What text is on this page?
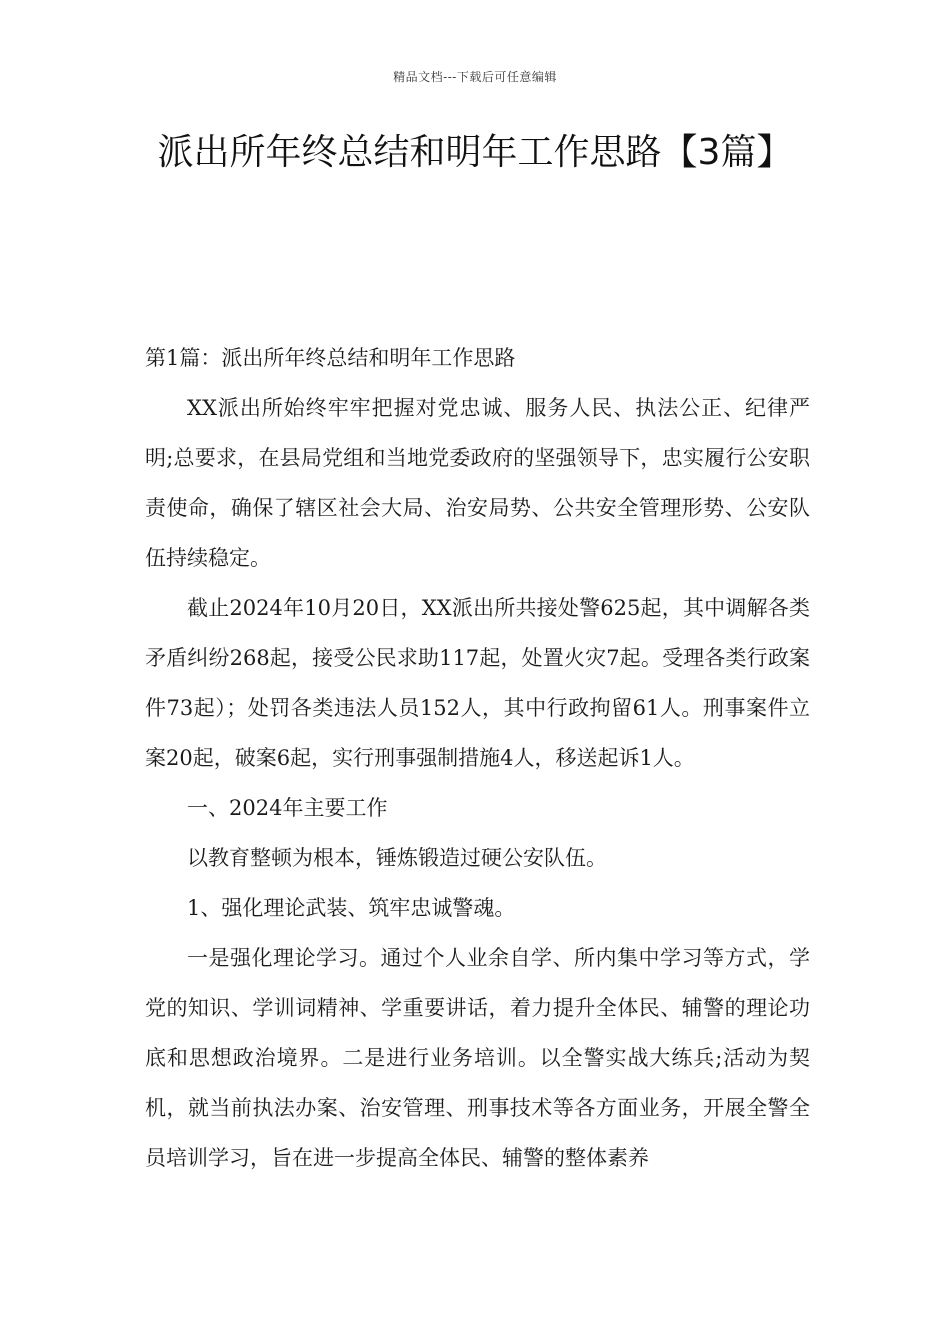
精品文档---下载后可任意编辑
派出所年终总结和明年工作思路【3篇】

第1篇：派出所年终总结和明年工作思路

XX派出所始终牢牢把握对党忠诚、服务人民、执法公正、纪律严明;总要求，在县局党组和当地党委政府的坚强领导下，忠实履行公安职责使命，确保了辖区社会大局、治安局势、公共安全管理形势、公安队伍持续稳定。

截止2024年10月20日，XX派出所共接处警625起，其中调解各类矛盾纠纷268起，接受公民求助117起，处置火灾7起。受理各类行政案件73起）；处罚各类违法人员152人，其中行政拘留61人。刑事案件立案20起，破案6起，实行刑事强制措施4人，移送起诉1人。

一、2024年主要工作

以教育整顿为根本，锤炼锻造过硬公安队伍。

1、强化理论武装、筑牢忠诚警魂。

一是强化理论学习。通过个人业余自学、所内集中学习等方式，学党的知识、学训词精神、学重要讲话，着力提升全体民、辅警的理论功底和思想政治境界。二是进行业务培训。以全警实战大练兵;活动为契机，就当前执法办案、治安管理、刑事技术等各方面业务，开展全警全员培训学习，旨在进一步提高全体民、辅警的整体素养
